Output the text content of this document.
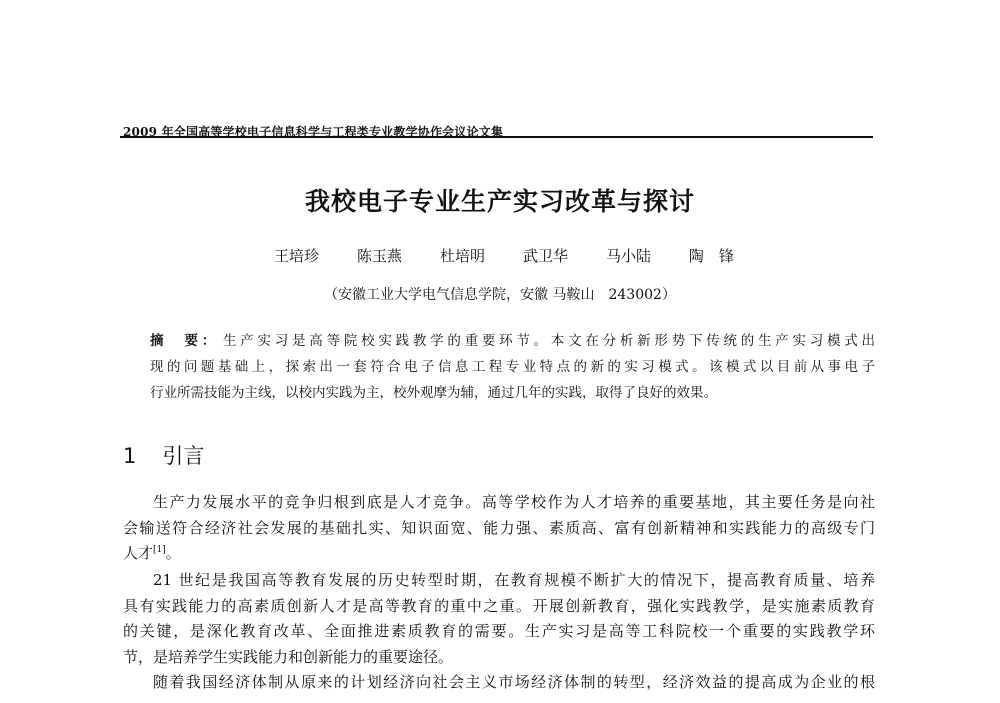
2009 年全国高等学校电子信息科学与工程类专业教学协作会议论文集
我校电子专业生产实习改革与探讨
王培珍	陈玉燕	杜培明	武卫华	马小陆	陶　锋
（安徽工业大学电气信息学院，安徽 马鞍山　243002）
摘　要： 生产实习是高等院校实践教学的重要环节。本文在分析新形势下传统的生产实习模式出
现的问题基础上，探索出一套符合电子信息工程专业特点的新的实习模式。该模式以目前从事电子
行业所需技能为主线，以校内实践为主，校外观摩为辅，通过几年的实践，取得了良好的效果。
1 引言
生产力发展水平的竞争归根到底是人才竞争。高等学校作为人才培养的重要基地，其主要任务是向社
会输送符合经济社会发展的基础扎实、知识面宽、能力强、素质高、富有创新精神和实践能力的高级专门
人才[1]。
21 世纪是我国高等教育发展的历史转型时期，在教育规模不断扩大的情况下，提高教育质量、培养
具有实践能力的高素质创新人才是高等教育的重中之重。开展创新教育，强化实践教学，是实施素质教育
的关键，是深化教育改革、全面推进素质教育的需要。生产实习是高等工科院校一个重要的实践教学环
节，是培养学生实践能力和创新能力的重要途径。
随着我国经济体制从原来的计划经济向社会主义市场经济体制的转型，经济效益的提高成为企业的根
